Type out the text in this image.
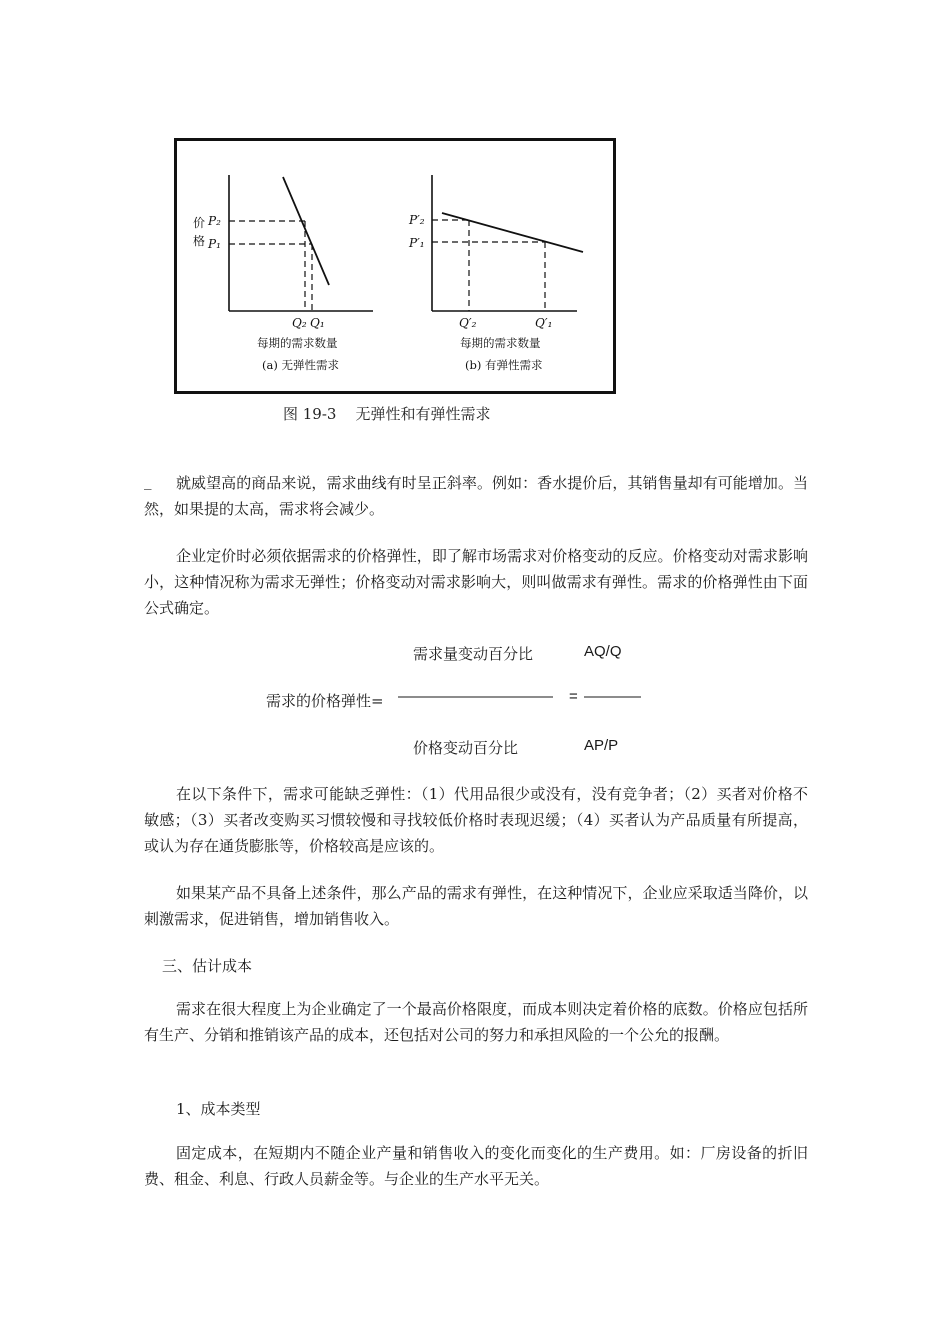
价
格
P₂
P₁
Q₂ Q₁
每期的需求数量
(a) 无弹性需求
P′₂
P′₁
Q′₂	Q′₁
每期的需求数量
(b) 有弹性需求
图 19-3    无弹性和有弹性需求
_	就威望高的商品来说，需求曲线有时呈正斜率。例如：香水提价后，其销售量却有可能增加。当然，如果提的太高，需求将会减少。

企业定价时必须依据需求的价格弹性，即了解市场需求对价格变动的反应。价格变动对需求影响小，这种情况称为需求无弹性；价格变动对需求影响大，则叫做需求有弹性。需求的价格弹性由下面公式确定。

需求量变动百分比	AQ/Q
需求的价格弹性= ——————————— = ————
价格变动百分比	AP/P

在以下条件下，需求可能缺乏弹性：（1）代用品很少或没有，没有竞争者；（2）买者对价格不敏感；（3）买者改变购买习惯较慢和寻找较低价格时表现迟缓；（4）买者认为产品质量有所提高，或认为存在通货膨胀等，价格较高是应该的。

如果某产品不具备上述条件，那么产品的需求有弹性，在这种情况下，企业应采取适当降价，以刺激需求，促进销售，增加销售收入。

三、估计成本

需求在很大程度上为企业确定了一个最高价格限度，而成本则决定着价格的底数。价格应包括所有生产、分销和推销该产品的成本，还包括对公司的努力和承担风险的一个公允的报酬。

1、成本类型

固定成本，在短期内不随企业产量和销售收入的变化而变化的生产费用。如：厂房设备的折旧费、租金、利息、行政人员薪金等。与企业的生产水平无关。
